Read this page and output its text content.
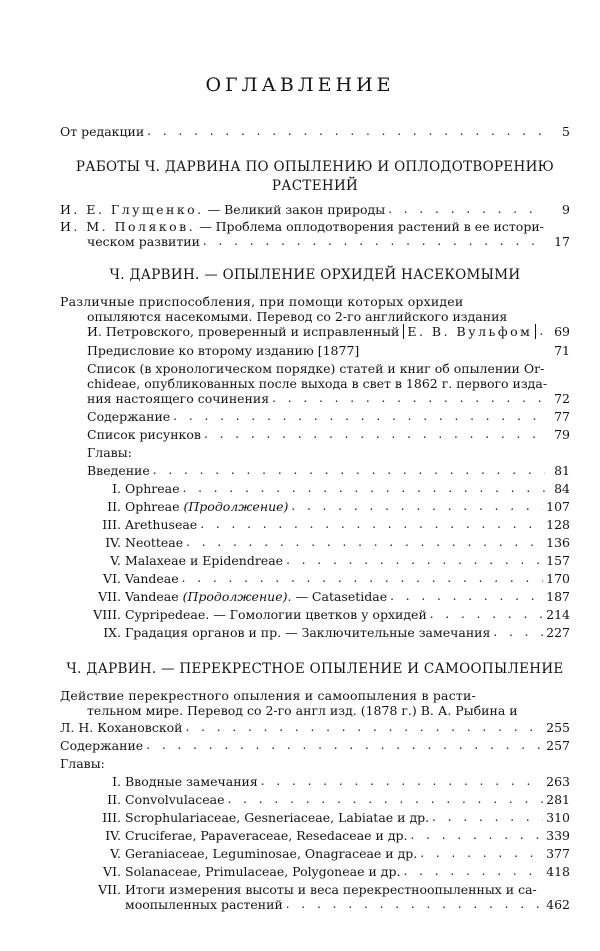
ОГЛАВЛЕНИЕ
От редакции . . .	5
РАБОТЫ Ч. ДАРВИНА ПО ОПЫЛЕНИЮ И ОПЛОДОТВОРЕНИЮ
РАСТЕНИЙ
И. Е. Глущенко. — Великий закон природы . . .	9
И. М. Поляков. — Проблема оплодотворения растений в ее истори-
ческом развитии . . .	17
Ч. ДАРВИН. — ОПЫЛЕНИЕ ОРХИДЕЙ НАСЕКОМЫМИ
Различные приспособления, при помощи которых орхидеи
опыляются насекомыми. Перевод со 2-го английского издания
И. Петровского, проверенный и исправленный Е. В. Вульфом . . .	69
Предисловие ко второму изданию [1877]	71
Список (в хронологическом порядке) статей и книг об опылении Or-
chideae, опубликованных после выхода в свет в 1862 г. первого изда-
ния настоящего сочинения . . .	72
Содержание . . .	77
Список рисунков . . .	79
Главы:
Введение . . .	81
I. Ophreae . . .	84
II. Ophreae (Продолжение) . . .	107
III. Arethuseae . . .	128
IV. Neotteae . . .	136
V. Malaxeae и Epidendreae . . .	157
VI. Vandeae . . .	170
VII. Vandeae (Продолжение). — Catasetidae . . .	187
VIII. Cypripedeae. — Гомологии цветков у орхидей . . .	214
IX. Градация органов и пр. — Заключительные замечания . . .	227
Ч. ДАРВИН. — ПЕРЕКРЕСТНОЕ ОПЫЛЕНИЕ И САМООПЫЛЕНИЕ
Действие перекрестного опыления и самоопыления в расти-
тельном мире. Перевод со 2-го англ изд. (1878 г.) В. А. Рыбина и
Л. Н. Кохановской . . .	255
Содержание . . .	257
Главы:
I. Вводные замечания . . .	263
II. Convolvulaceae . . .	281
III. Scrophulariaceae, Gesneriaceae, Labiatae и др. . . .	310
IV. Cruciferae, Papaveraceae, Resedaceae и др. . . .	339
V. Geraniaceae, Leguminosae, Onagraceae и др. . . .	377
VI. Solanaceae, Primulaceae, Polygoneae и др. . . .	418
VII. Итоги измерения высоты и веса перекрестноопыленных и са-
моопыленных растений . . .	462
